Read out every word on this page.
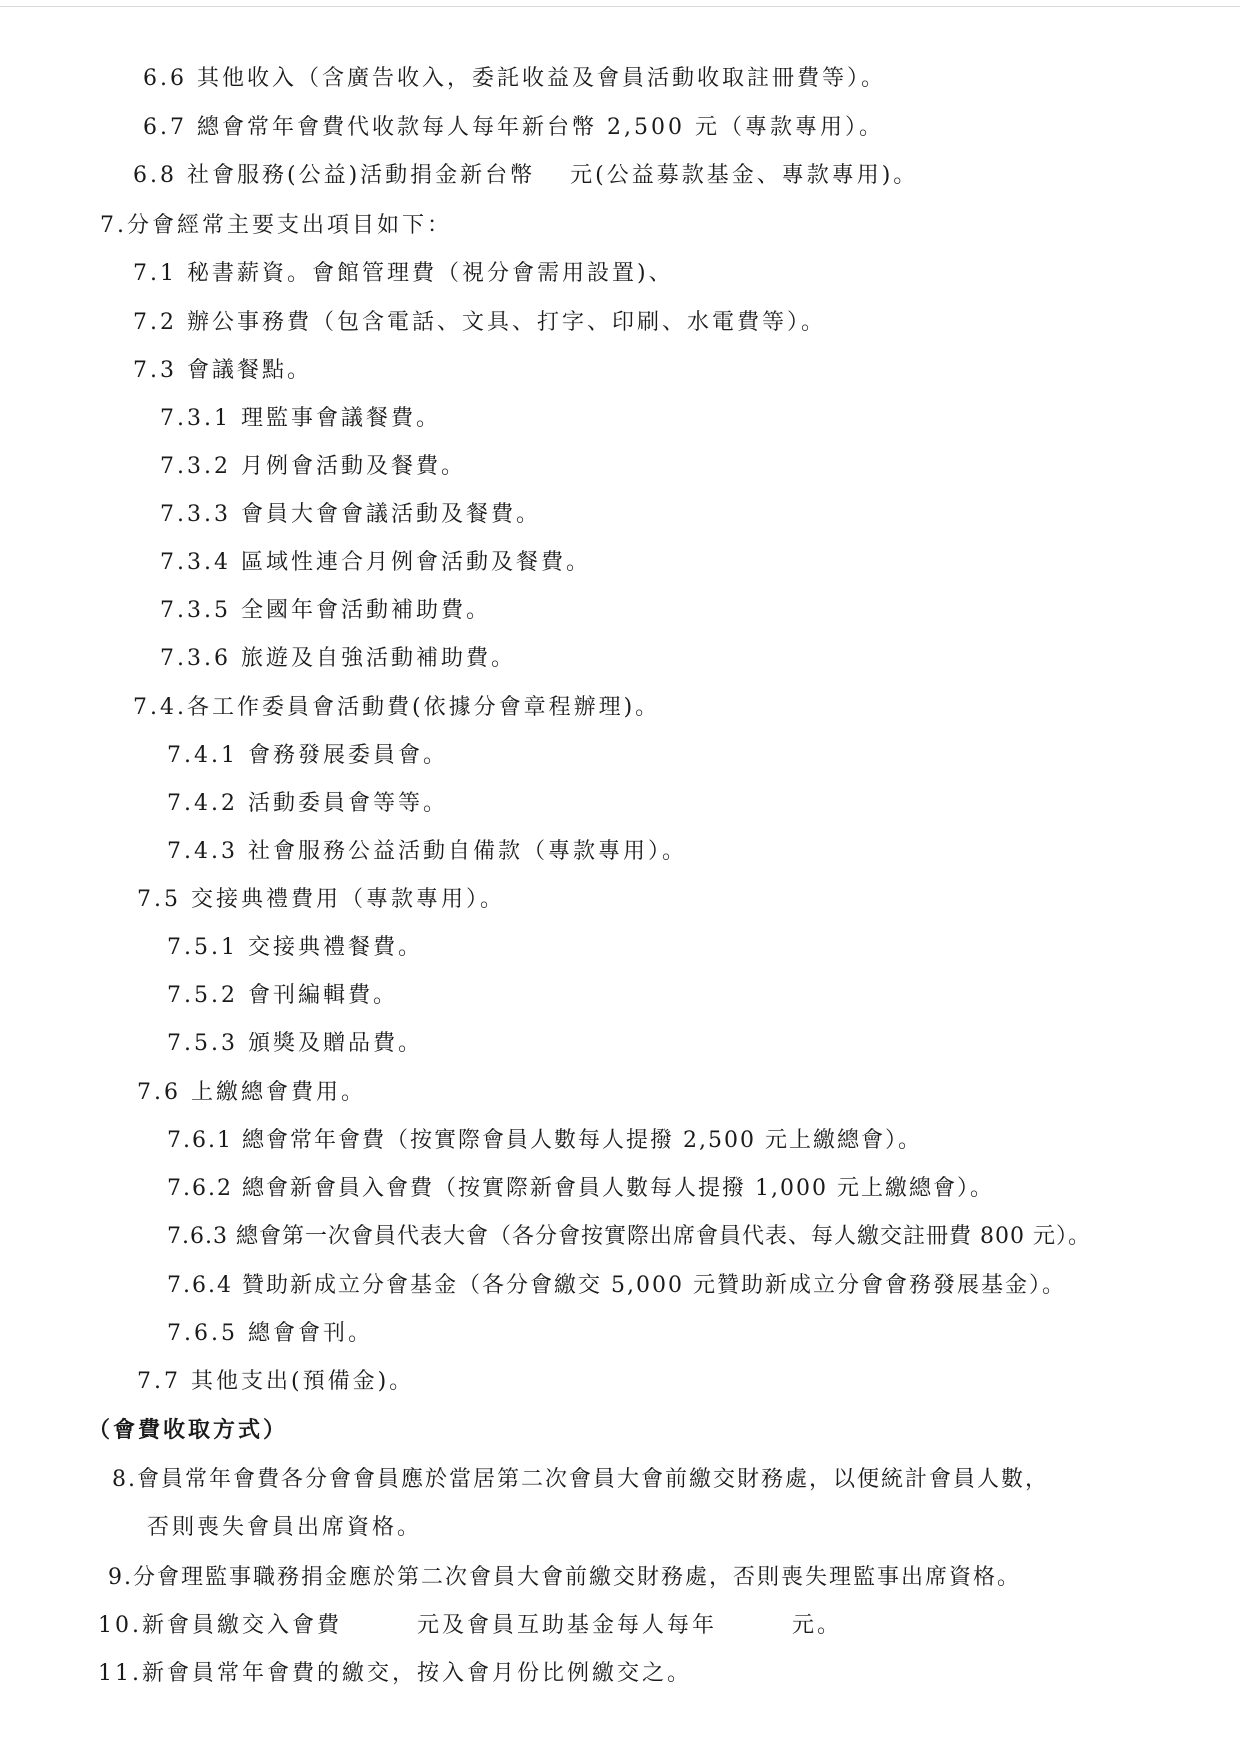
6.6 其他收入（含廣告收入，委託收益及會員活動收取註冊費等）。
6.7 總會常年會費代收款每人每年新台幣 2,500 元（專款專用）。
6.8 社會服務(公益)活動捐金新台幣　 元(公益募款基金、專款專用)。
7.分會經常主要支出項目如下：
7.1 秘書薪資。會館管理費（視分會需用設置)、
7.2 辦公事務費（包含電話、文具、打字、印刷、水電費等）。
7.3 會議餐點。
7.3.1 理監事會議餐費。
7.3.2 月例會活動及餐費。
7.3.3 會員大會會議活動及餐費。
7.3.4 區域性連合月例會活動及餐費。
7.3.5 全國年會活動補助費。
7.3.6 旅遊及自強活動補助費。
7.4.各工作委員會活動費(依據分會章程辦理)。
7.4.1 會務發展委員會。
7.4.2 活動委員會等等。
7.4.3 社會服務公益活動自備款（專款專用）。
7.5 交接典禮費用（專款專用）。
7.5.1 交接典禮餐費。
7.5.2 會刊編輯費。
7.5.3 頒獎及贈品費。
7.6 上繳總會費用。
7.6.1 總會常年會費（按實際會員人數每人提撥 2,500 元上繳總會）。
7.6.2 總會新會員入會費（按實際新會員人數每人提撥 1,000 元上繳總會）。
7.6.3 總會第一次會員代表大會（各分會按實際出席會員代表、每人繳交註冊費 800 元）。
7.6.4 贊助新成立分會基金（各分會繳交 5,000 元贊助新成立分會會務發展基金）。
7.6.5 總會會刊。
7.7 其他支出(預備金)。
（會費收取方式）
8.會員常年會費各分會會員應於當居第二次會員大會前繳交財務處，以便統計會員人數，
否則喪失會員出席資格。
9.分會理監事職務捐金應於第二次會員大會前繳交財務處，否則喪失理監事出席資格。
10.新會員繳交入會費　　　元及會員互助基金每人每年　　　元。
11.新會員常年會費的繳交，按入會月份比例繳交之。
